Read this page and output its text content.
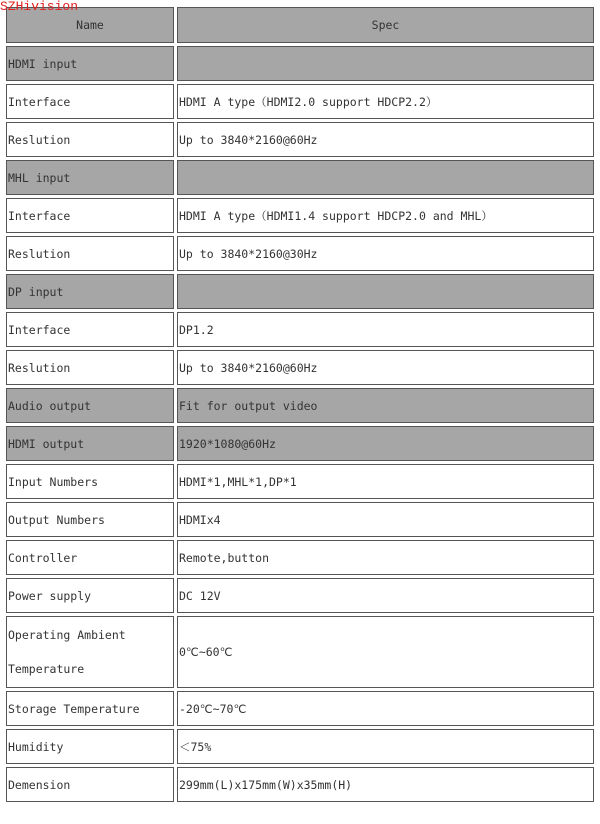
SZHivision
Name	Spec
HDMI input	
Interface	HDMI A type（HDMI2.0 support HDCP2.2）
Reslution	Up to 3840*2160@60Hz
MHL input	
Interface	HDMI A type（HDMI1.4 support HDCP2.0 and MHL）
Reslution	Up to 3840*2160@30Hz
DP input	
Interface	DP1.2
Reslution	Up to 3840*2160@60Hz
Audio output	Fit for output video
HDMI output	1920*1080@60Hz
Input Numbers	HDMI*1,MHL*1,DP*1
Output Numbers	HDMIx4
Controller	Remote,button
Power supply	DC 12V

Operating Ambient
Temperature	0℃~60℃
Storage Temperature	-20℃~70℃
Humidity	＜75%
Demension	299mm(L)x175mm(W)x35mm(H)
